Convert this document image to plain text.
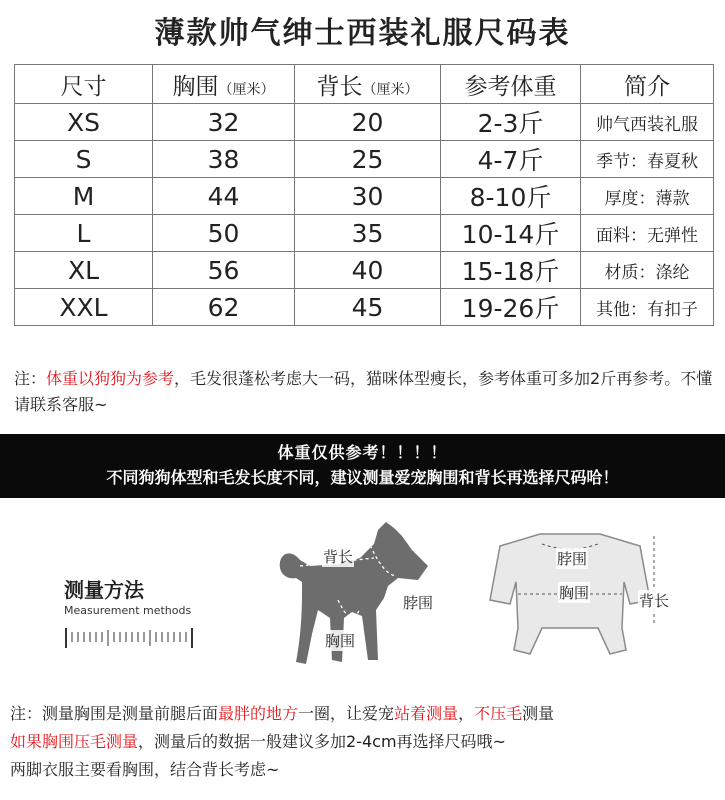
薄款帅气绅士西装礼服尺码表
尺寸	胸围（厘米）	背长（厘米）	参考体重	简介
XS	32	20	2-3斤	帅气西装礼服
S	38	25	4-7斤	季节：春夏秋
M	44	30	8-10斤	厚度：薄款
L	50	35	10-14斤	面料：无弹性
XL	56	40	15-18斤	材质：涤纶
XXL	62	45	19-26斤	其他：有扣子
注：体重以狗狗为参考，毛发很蓬松考虑大一码，猫咪体型瘦长，参考体重可多加2斤再参考。不懂请联系客服~
体重仅供参考！！！！
不同狗狗体型和毛发长度不同，建议测量爱宠胸围和背长再选择尺码哈！
背长
脖围
胸围
脖围
胸围	背长
测量方法
Measurement methods
注：测量胸围是测量前腿后面最胖的地方一圈，让爱宠站着测量，不压毛测量
如果胸围压毛测量，测量后的数据一般建议多加2-4cm再选择尺码哦~
两脚衣服主要看胸围，结合背长考虑~
